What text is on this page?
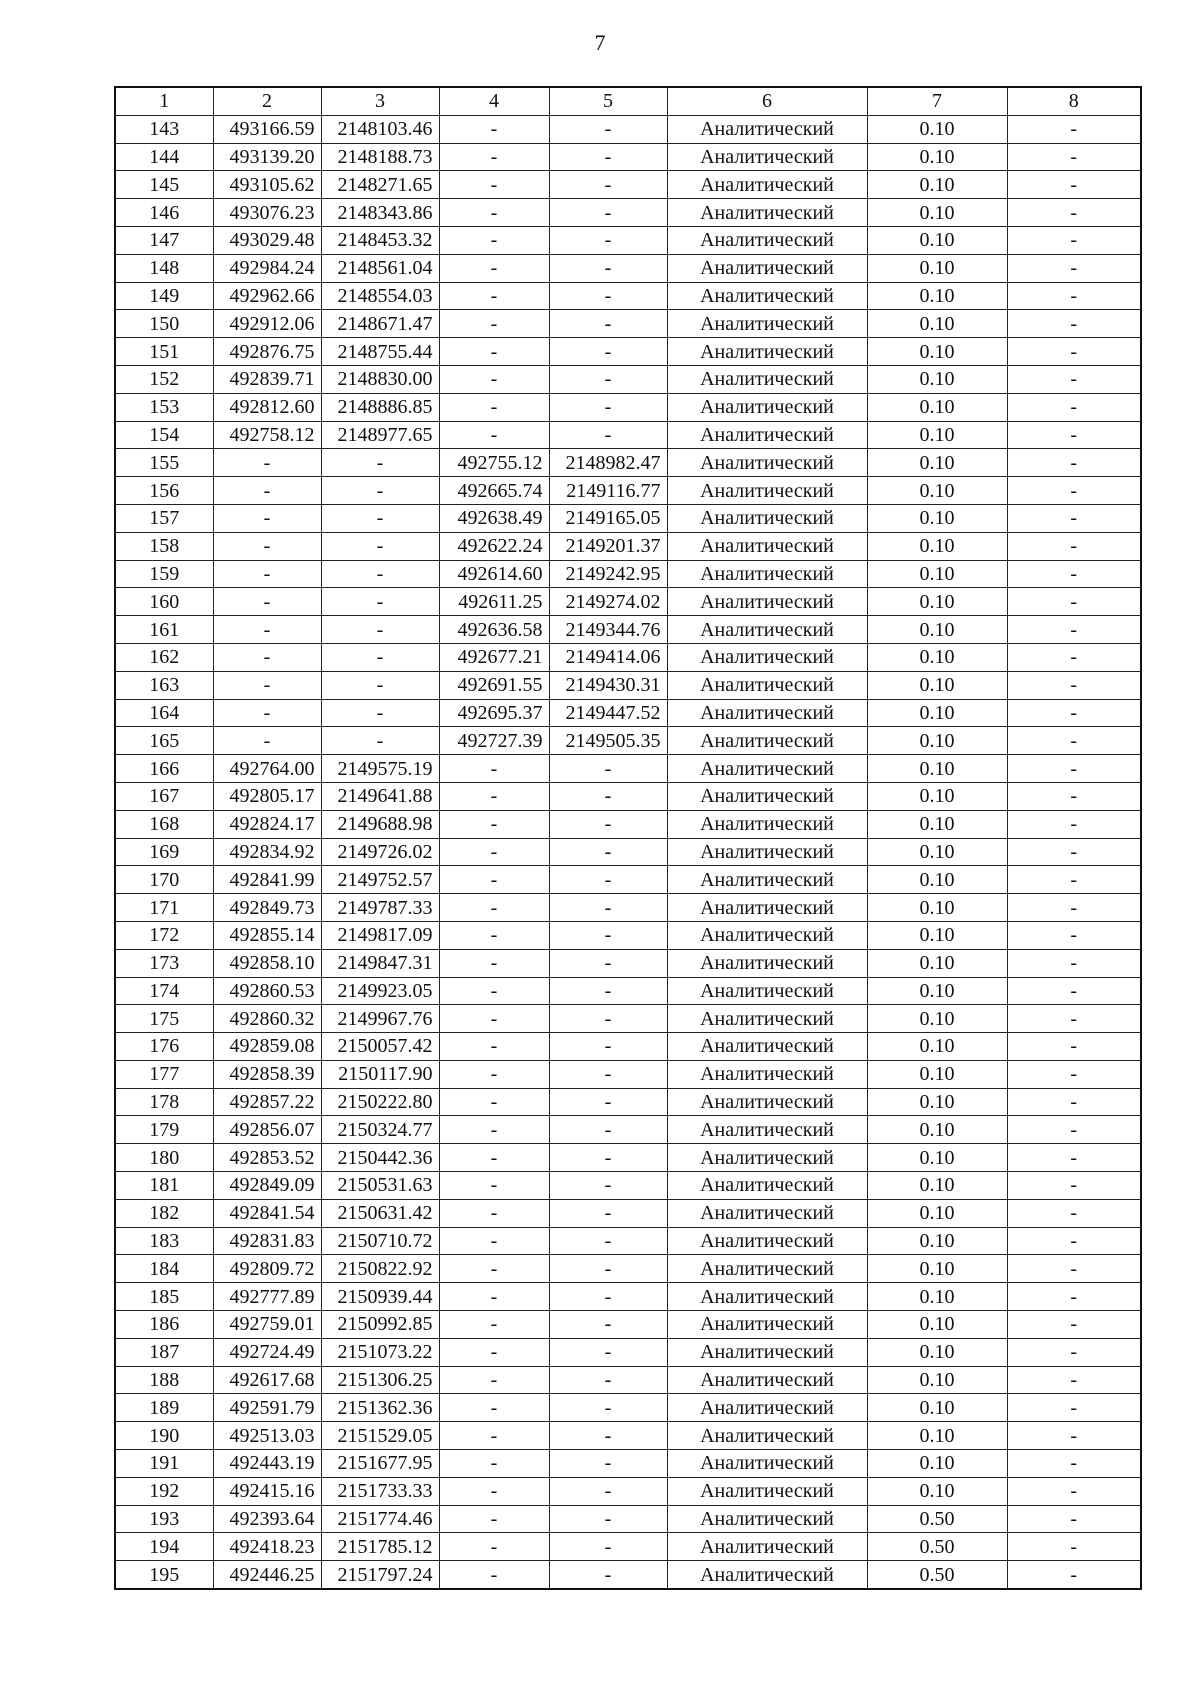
7
1	2	3	4	5	6	7	8
143	493166.59	2148103.46	-	-	Аналитический	0.10	-
144	493139.20	2148188.73	-	-	Аналитический	0.10	-
145	493105.62	2148271.65	-	-	Аналитический	0.10	-
146	493076.23	2148343.86	-	-	Аналитический	0.10	-
147	493029.48	2148453.32	-	-	Аналитический	0.10	-
148	492984.24	2148561.04	-	-	Аналитический	0.10	-
149	492962.66	2148554.03	-	-	Аналитический	0.10	-
150	492912.06	2148671.47	-	-	Аналитический	0.10	-
151	492876.75	2148755.44	-	-	Аналитический	0.10	-
152	492839.71	2148830.00	-	-	Аналитический	0.10	-
153	492812.60	2148886.85	-	-	Аналитический	0.10	-
154	492758.12	2148977.65	-	-	Аналитический	0.10	-
155	-	-	492755.12	2148982.47	Аналитический	0.10	-
156	-	-	492665.74	2149116.77	Аналитический	0.10	-
157	-	-	492638.49	2149165.05	Аналитический	0.10	-
158	-	-	492622.24	2149201.37	Аналитический	0.10	-
159	-	-	492614.60	2149242.95	Аналитический	0.10	-
160	-	-	492611.25	2149274.02	Аналитический	0.10	-
161	-	-	492636.58	2149344.76	Аналитический	0.10	-
162	-	-	492677.21	2149414.06	Аналитический	0.10	-
163	-	-	492691.55	2149430.31	Аналитический	0.10	-
164	-	-	492695.37	2149447.52	Аналитический	0.10	-
165	-	-	492727.39	2149505.35	Аналитический	0.10	-
166	492764.00	2149575.19	-	-	Аналитический	0.10	-
167	492805.17	2149641.88	-	-	Аналитический	0.10	-
168	492824.17	2149688.98	-	-	Аналитический	0.10	-
169	492834.92	2149726.02	-	-	Аналитический	0.10	-
170	492841.99	2149752.57	-	-	Аналитический	0.10	-
171	492849.73	2149787.33	-	-	Аналитический	0.10	-
172	492855.14	2149817.09	-	-	Аналитический	0.10	-
173	492858.10	2149847.31	-	-	Аналитический	0.10	-
174	492860.53	2149923.05	-	-	Аналитический	0.10	-
175	492860.32	2149967.76	-	-	Аналитический	0.10	-
176	492859.08	2150057.42	-	-	Аналитический	0.10	-
177	492858.39	2150117.90	-	-	Аналитический	0.10	-
178	492857.22	2150222.80	-	-	Аналитический	0.10	-
179	492856.07	2150324.77	-	-	Аналитический	0.10	-
180	492853.52	2150442.36	-	-	Аналитический	0.10	-
181	492849.09	2150531.63	-	-	Аналитический	0.10	-
182	492841.54	2150631.42	-	-	Аналитический	0.10	-
183	492831.83	2150710.72	-	-	Аналитический	0.10	-
184	492809.72	2150822.92	-	-	Аналитический	0.10	-
185	492777.89	2150939.44	-	-	Аналитический	0.10	-
186	492759.01	2150992.85	-	-	Аналитический	0.10	-
187	492724.49	2151073.22	-	-	Аналитический	0.10	-
188	492617.68	2151306.25	-	-	Аналитический	0.10	-
189	492591.79	2151362.36	-	-	Аналитический	0.10	-
190	492513.03	2151529.05	-	-	Аналитический	0.10	-
191	492443.19	2151677.95	-	-	Аналитический	0.10	-
192	492415.16	2151733.33	-	-	Аналитический	0.10	-
193	492393.64	2151774.46	-	-	Аналитический	0.50	-
194	492418.23	2151785.12	-	-	Аналитический	0.50	-
195	492446.25	2151797.24	-	-	Аналитический	0.50	-
